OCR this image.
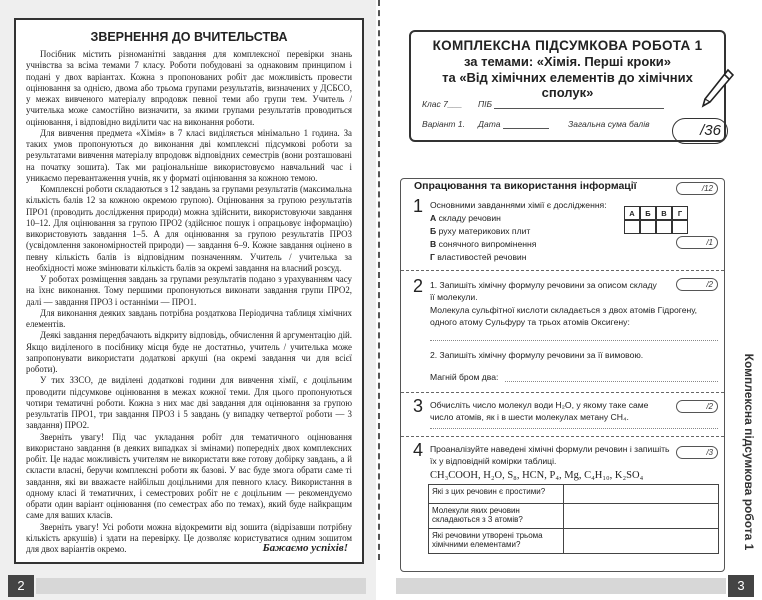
ЗВЕРНЕННЯ ДО ВЧИТЕЛЬСТВА

Посібник містить різноманітні завдання для комплексної перевірки знань учнівства за всіма темами 7 класу. Роботи побудовані за однаковим принципом і подані у двох варіантах. Кожна з пропонованих робіт дає можливість провести оцінювання за однією, двома або трьома групами результатів, визначених у ДСБСО, у межах вивченого матеріалу впродовж певної теми або групи тем. Учитель / учителька може самостійно визначити, за якими групами результатів проводиться оцінювання, і відповідно виділити час на виконання роботи.

Для вивчення предмета «Хімія» в 7 класі виділяється мінімально 1 година. За таких умов пропонуються до виконання дві комплексні підсумкові роботи за результатами вивчення матеріалу впродовж відповідних семестрів (вони розташовані на початку зошита). Так ми раціональніше використовуємо навчальний час і уникаємо перевантаження учнів, як у форматі оцінювання за кожною темою.

Комплексні роботи складаються з 12 завдань за групами результатів (максимальна кількість балів 12 за кожною окремою групою). Оцінювання за групою результатів ПРО1 (проводить дослідження природи) можна здійснити, використовуючи завдання 10–12. Для оцінювання за групою ПРО2 (здійснює пошук і опрацьовує інформацію) використовують завдання 1–5. А для оцінювання за групою результатів ПРО3 (усвідомлення закономірностей природи) — завдання 6–9. Кожне завдання оцінено в певну кількість балів із відповідним позначенням. Учитель / учителька за необхідності може змінювати кількість балів за окремі завдання на власний розсуд.

У роботах розміщення завдань за групами результатів подано з урахуванням часу на їхнє виконання. Тому першими пропонуються виконати завдання групи ПРО2, далі — завдання ПРО3 і останніми — ПРО1.

Для виконання деяких завдань потрібна роздаткова Періодична таблиця хімічних елементів.

Деякі завдання передбачають відкриту відповідь, обчислення й аргументацію дій. Якщо виділеного в посібнику місця буде не достатньо, учитель / учителька може запропонувати використати додаткові аркуші (на окремі завдання чи для всієї роботи).

У тих ЗЗСО, де виділені додаткові години для вивчення хімії, є доцільним проводити підсумкове оцінювання в межах кожної теми. Для цього пропонуються чотири тематичні роботи. Кожна з них має дві завдання для оцінювання за групою результатів ПРО1, три завдання ПРО3 і 5 завдань (у випадку четвертої роботи — 3 завдання) ПРО2.

Зверніть увагу! Під час укладання робіт для тематичного оцінювання використано завдання (в деяких випадках зі змінами) попередніх двох комплексних робіт. Це надає можливість учителям не використати вже готову добірку завдань, а й скласти власні, беручи комплексні роботи як базові. У вас буде змога обрати саме ті завдання, які ви вважаєте найбільш доцільними для певного класу. Використання в одному класі й тематичних, і семестрових робіт не є доцільним — рекомендуємо обрати один варіант оцінювання (по семестрах або по темах), який буде найкращим саме для ваших класів.

Зверніть увагу! Усі роботи можна відокремити від зошита (відрізавши потрібну кількість аркушів) і здати на перевірку. Це дозволяє користуватися одним зошитом для двох варіантів окремо.	Бажаємо успіхів!
2
КОМПЛЕКСНА ПІДСУМКОВА РОБОТА 1
за темами: «Хімія. Перші кроки»
та «Від хімічних елементів до хімічних
сполук»
Клас 7___ ПІБ
Варіант 1. Дата	Загальна сума балів	/36
Опрацювання та використання інформації	/12
1 Основними завданнями хімії є дослідження:
А складу речовин
Б руху материкових плит
В сонячного випромінення
Г властивостей речовин
А	Б	В	Г

/1
2 1. Запишіть хімічну формулу речовини за описом складу її молекули.
/2
Молекула сульфітної кислоти складається з двох атомів Гідрогену, одного атому Сульфуру та трьох атомів Оксигену:
2. Запишіть хімічну формулу речовини за її вимовою.
Магній бром два:
3 Обчисліть число молекул води H₂O, у якому таке саме число атомів, як і в шести молекулах метану CH₄.
/2
4 Проаналізуйте наведені хімічні формули речовин і запишіть їх у відповідній комірки таблиці.
/3
CH₃COOH, H₂O, S₈, HCN, P₄, Mg, C₄H₁₀, K₂SO₄
Які з цих речовин є простими?	
Молекули яких речовин складаються з 3 атомів?	
Які речовини утворені трьома хімічними елементами?		Комплексна підсумкова робота 1
3
